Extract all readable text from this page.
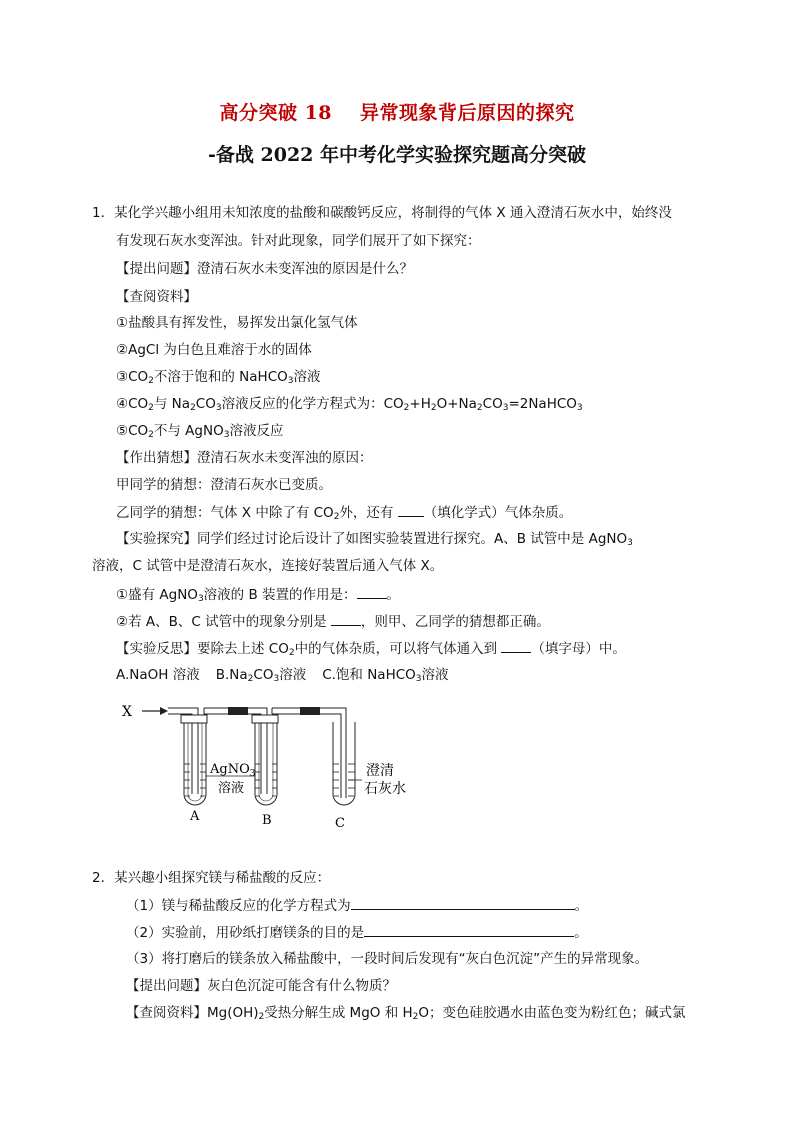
高分突破 18 异常现象背后原因的探究
-备战 2022 年中考化学实验探究题高分突破
1．某化学兴趣小组用未知浓度的盐酸和碳酸钙反应，将制得的气体 X 通入澄清石灰水中，始终没
有发现石灰水变浑浊。针对此现象，同学们展开了如下探究：
【提出问题】澄清石灰水未变浑浊的原因是什么？
【查阅资料】
①盐酸具有挥发性，易挥发出氯化氢气体
②AgCl 为白色且难溶于水的固体
$③CO_2$不溶于饱和的 NaHCO$_3$溶液
$④CO_2$与 $Na_2CO_3$溶液反应的化学方程式为：$CO_2+H_2O+Na_2CO_3=2NaHCO_3$
$⑤CO_2$不与 AgNO$_3$溶液反应
【作出猜想】澄清石灰水未变浑浊的原因：
甲同学的猜想：澄清石灰水已变质。
乙同学的猜想：气体 X 中除了有 $CO_2$外，还有 （填化学式）气体杂质。
【实验探究】同学们经过讨论后设计了如图实验装置进行探究。A、B 试管中是 AgNO$_3$
溶液，C 试管中是澄清石灰水，连接好装置后通入气体 X。
①盛有 AgNO$_3$溶液的 B 装置的作用是： 。
②若 A、B、C 试管中的现象分别是 ，则甲、乙同学的猜想都正确。
【实验反思】要除去上述 $CO_2$中的气体杂质，可以将气体通入到 （填字母）中。
A.NaOH 溶液 $B.Na_2CO_3$溶液 C.饱和 NaHCO$_3$溶液
X
AgNO$_3$
溶液
澄清
石灰水
A	B	C
2．某兴趣小组探究镁与稀盐酸的反应：
（1）镁与稀盐酸反应的化学方程式为	。
（2）实验前，用砂纸打磨镁条的目的是	。
（3）将打磨后的镁条放入稀盐酸中，一段时间后发现有“灰白色沉淀”产生的异常现象。
【提出问题】灰白色沉淀可能含有什么物质？
【查阅资料】$Mg(OH)_2$受热分解生成 MgO 和 $H_2O$；变色硅胶遇水由蓝色变为粉红色；碱式氯
